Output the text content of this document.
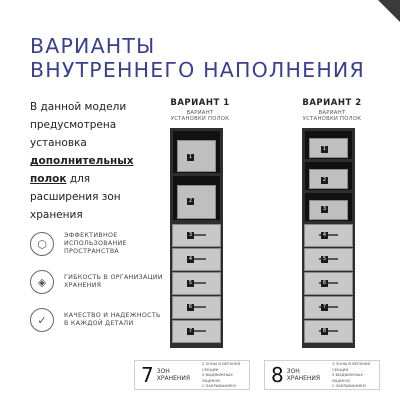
ВАРИАНТЫ
ВНУТРЕННЕГО НАПОЛНЕНИЯ
В данной модели предусмотрена установка дополнительных полок для расширения зон хранения
⬡
ЭФФЕКТИВНОЕ ИСПОЛЬЗОВАНИЕ ПРОСТРАНСТВА
◈	ГИБКОСТЬ В ОРГАНИЗАЦИИ ХРАНЕНИЯ
✓	КАЧЕСТВО И НАДЕЖНОСТЬ В КАЖДОЙ ДЕТАЛИ
ВАРИАНТ 1
ВАРИАНТ УСТАНОВКИ ПОЛОК
ВАРИАНТ 2
ВАРИАНТ УСТАНОВКИ ПОЛОК
1
2
3
4
5
6
7
1
2
3
4
5
6
7
8
7 ЗОН ХРАНЕНИЯ
2 ЗОНЫ В ВЕРХНЕЙ СЕКЦИИ
5 ВЫДВИЖНЫХ ЯЩИКОВ
С ЗАКРЫВАНИЕМ	8 ЗОН ХРАНЕНИЯ
3 ЗОНЫ В ВЕРХНЕЙ СЕКЦИИ
5 ВЫДВИЖНЫХ ЯЩИКОВ
С ЗАКРЫВАНИЕМ
